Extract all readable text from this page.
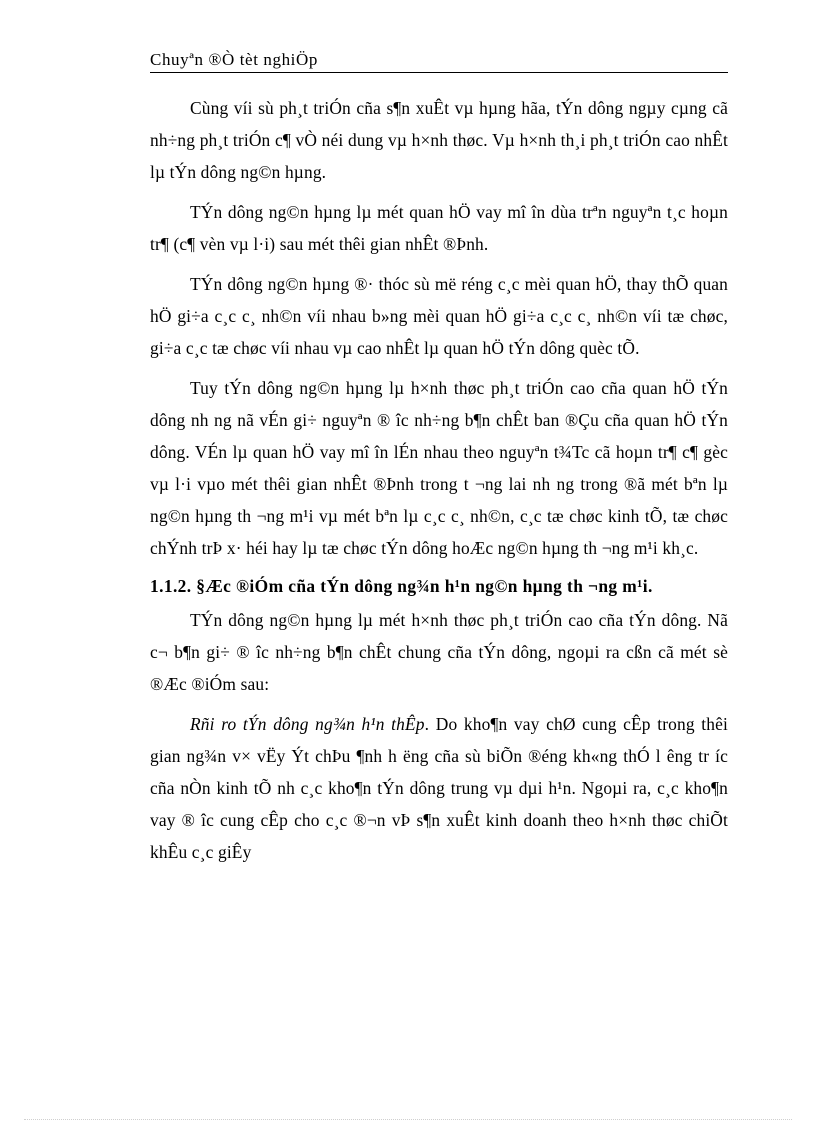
Chuyªn ®Ò tèt nghiÖp

Cùng víi sù ph¸t triÓn cña s¶n xuÊt vµ hµng hãa, tÝn dông ngµy cµng cã nh÷ng ph¸t triÓn c¶ vÒ néi dung vµ h×nh thøc. Vµ h×nh th¸i ph¸t triÓn cao nhÊt lµ tÝn dông ng©n hµng.

TÝn dông ng©n hµng lµ mét quan hÖ vay mî în dùa trªn nguyªn t¸c hoµn tr¶ (c¶ vèn vµ l·i) sau mét thêi gian nhÊt ®Þnh.

TÝn dông ng©n hµng ®· thóc sù më réng c¸c mèi quan hÖ, thay thÕ quan hÖ gi÷a c¸c c¸ nh©n víi nhau b»ng mèi quan hÖ gi÷a c¸c c¸ nh©n víi tæ chøc, gi÷a c¸c tæ chøc víi nhau vµ cao nhÊt lµ quan hÖ tÝn dông quèc tÕ.

Tuy tÝn dông ng©n hµng lµ h×nh thøc ph¸t triÓn cao cña quan hÖ tÝn dông nh ng nã vÉn gi÷ nguyªn ® îc nh÷ng b¶n chÊt ban ®Çu cña quan hÖ tÝn dông. VÉn lµ quan hÖ vay mî în lÉn nhau theo nguyªn t¾Tc cã hoµn tr¶ c¶ gèc vµ l·i vµo mét thêi gian nhÊt ®Þnh trong t ¬ng lai nh ng trong ®ã mét bªn lµ ng©n hµng th ¬ng m¹i vµ mét bªn lµ c¸c c¸ nh©n, c¸c tæ chøc kinh tÕ, tæ chøc chÝnh trÞ x· héi hay lµ tæ chøc tÝn dông hoÆc ng©n hµng th ¬ng m¹i kh¸c.

1.1.2. §Æc ®iÓm cña tÝn dông ng¾n h¹n ng©n hµng th ¬ng m¹i.

TÝn dông ng©n hµng lµ mét h×nh thøc ph¸t triÓn cao cña tÝn dông. Nã c¬ b¶n gi÷ ® îc nh÷ng b¶n chÊt chung cña tÝn dông, ngoµi ra cßn cã mét sè ®Æc ®iÓm sau:

Rñi ro tÝn dông ng¾n h¹n thÊp. Do kho¶n vay chØ cung cÊp trong thêi gian ng¾n v× vËy Ýt chÞu ¶nh h ëng cña sù biÕn ®éng kh«ng thÓ l êng tr íc cña nÒn kinh tÕ nh c¸c kho¶n tÝn dông trung vµ dµi h¹n. Ngoµi ra, c¸c kho¶n vay ® îc cung cÊp cho c¸c ®¬n vÞ s¶n xuÊt kinh doanh theo h×nh thøc chiÕt khÊu c¸c giÊy
